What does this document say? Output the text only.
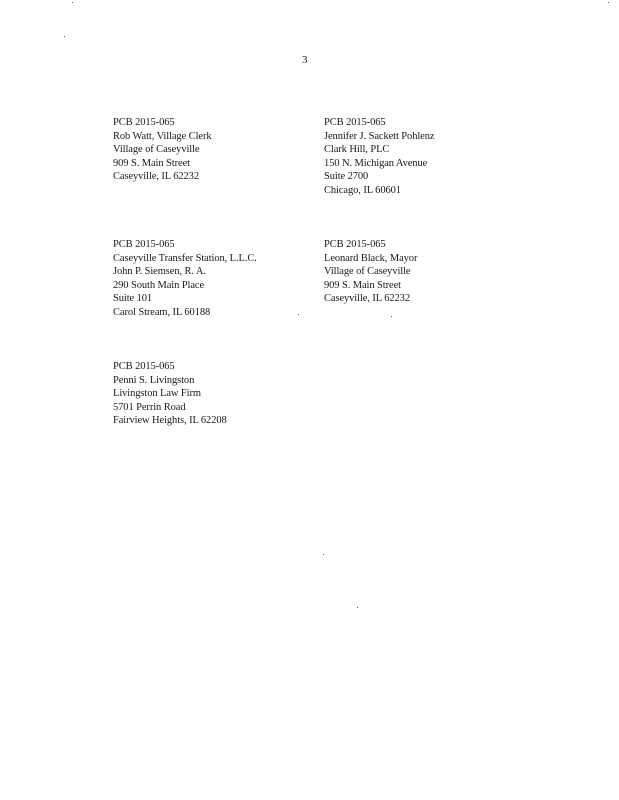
3
PCB 2015-065
Rob Watt, Village Clerk
Village of Caseyville
909 S. Main Street
Caseyville, IL 62232
PCB 2015-065
Jennifer J. Sackett Pohlenz
Clark Hill, PLC
150 N. Michigan Avenue
Suite 2700
Chicago, IL 60601
PCB 2015-065
Caseyville Transfer Station, L.L.C.
John P. Siemsen, R. A.
290 South Main Place
Suite 101
Carol Stream, IL 60188
PCB 2015-065
Leonard Black, Mayor
Village of Caseyville
909 S. Main Street
Caseyville, IL 62232
PCB 2015-065
Penni S. Livingston
Livingston Law Firm
5701 Perrin Road
Fairview Heights, IL 62208
